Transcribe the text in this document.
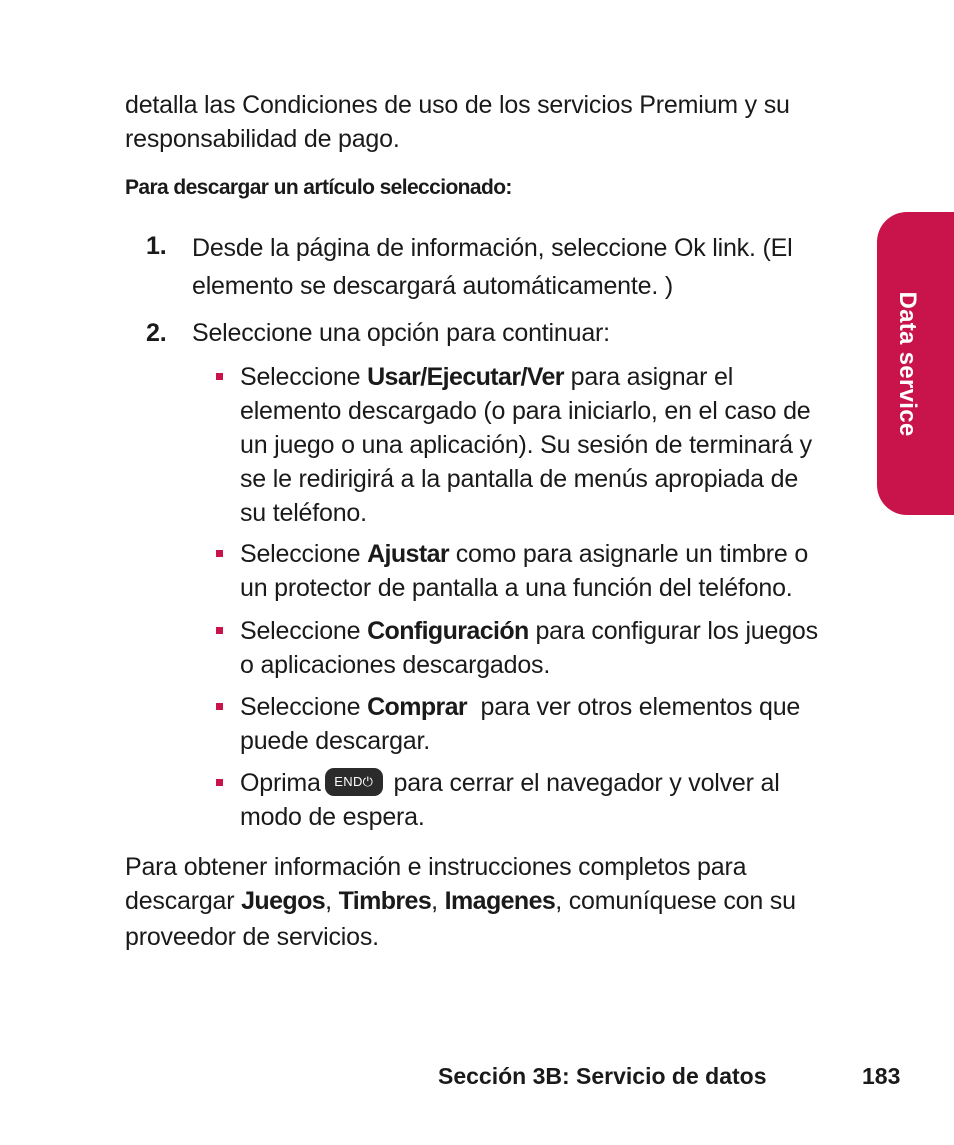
detalla las Condiciones de uso de los servicios Premium y su
responsabilidad de pago.
Para descargar un artículo seleccionado:
1. Desde la página de información, seleccione Ok link. (El
elemento se descargará automáticamente. )
2. Seleccione una opción para continuar:
Seleccione Usar/Ejecutar/Ver para asignar el
elemento descargado (o para iniciarlo, en el caso de
un juego o una aplicación). Su sesión de terminará y
se le redirigirá a la pantalla de menús apropiada de
su teléfono.
Seleccione Ajustar como para asignarle un timbre o
un protector de pantalla a una función del teléfono.
Seleccione Configuración para configurar los juegos
o aplicaciones descargados.
Seleccione Comprar  para ver otros elementos que
puede descargar.
Oprima END⏻ para cerrar el navegador y volver al
modo de espera.
Para obtener información e instrucciones completos para
descargar Juegos, Timbres, Imagenes, comuníquese con su
proveedor de servicios.
Data service
Sección 3B: Servicio de datos	183
